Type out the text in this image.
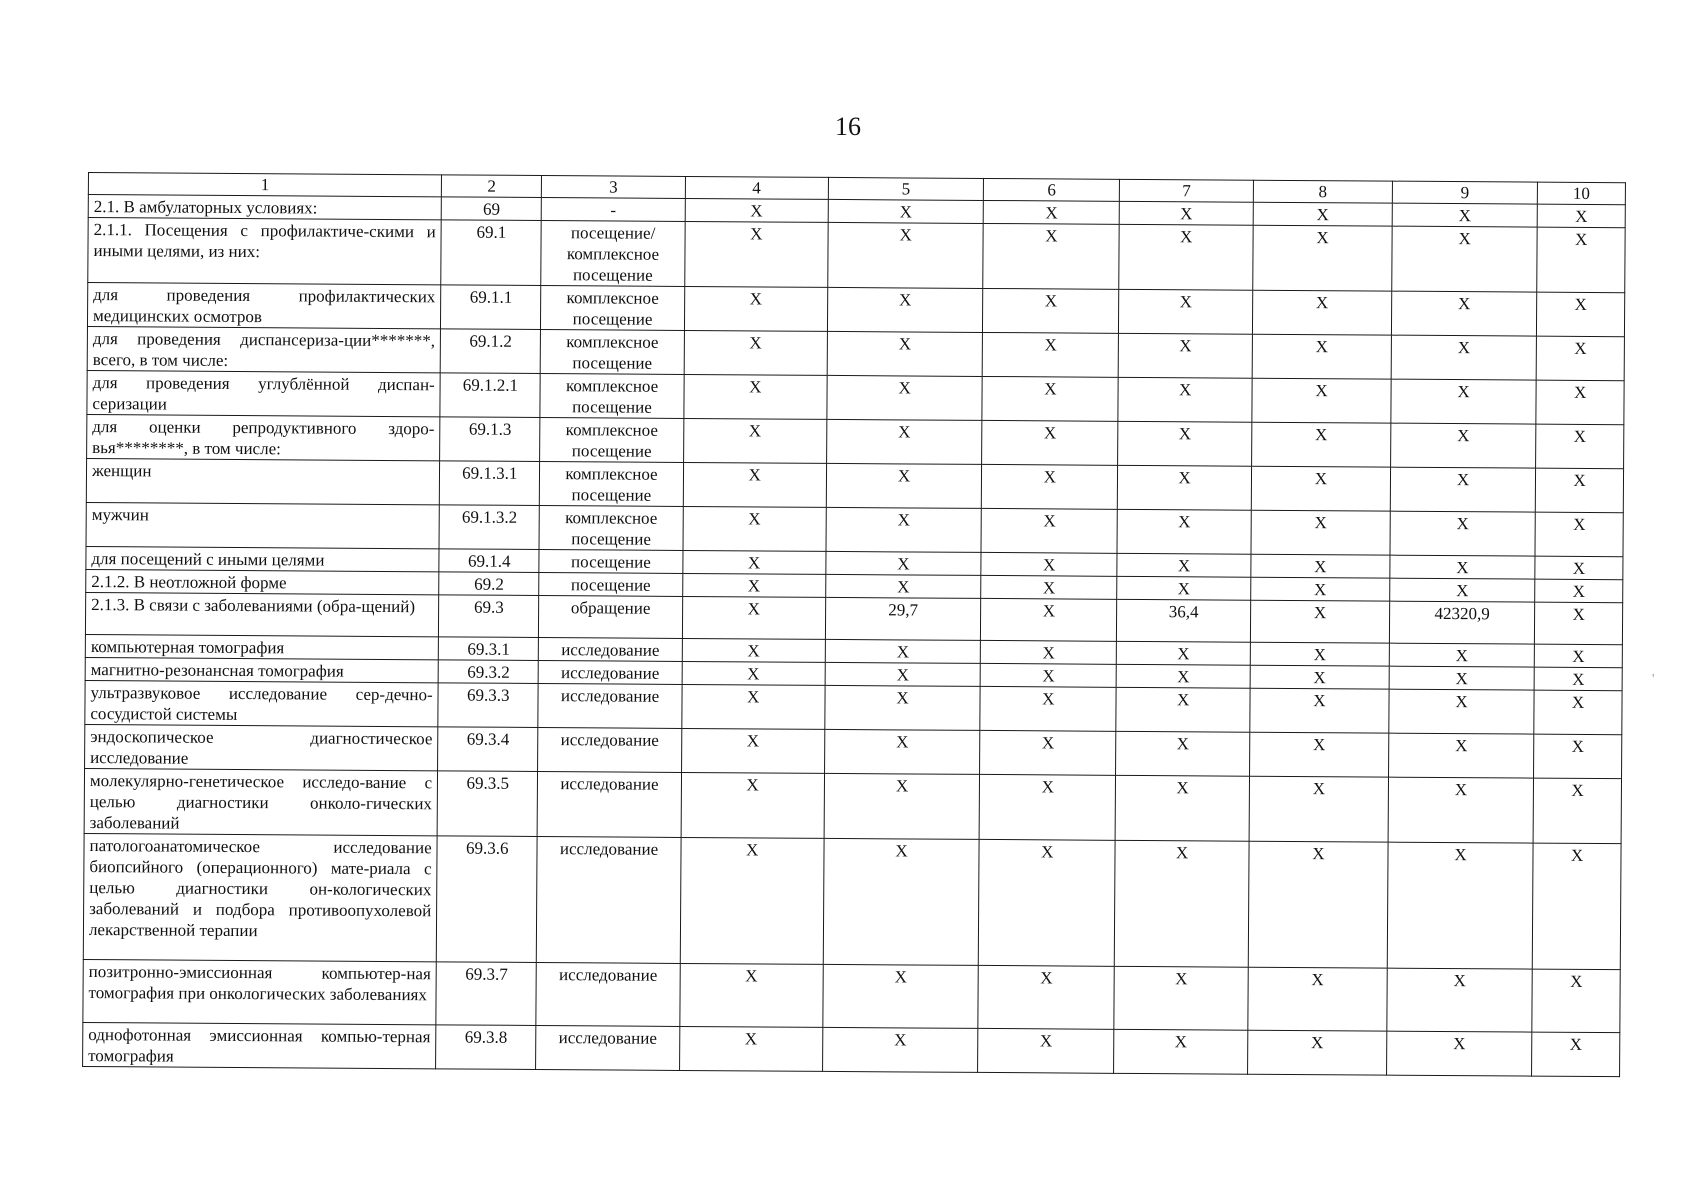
16
1	2	3	4	5	6	7	8	9	10
2.1. В амбулаторных условиях:	69	-	Х	Х	Х	Х	Х	Х	Х
2.1.1. Посещения с профилактиче-скими и иными целями, из них:	69.1	посещение/ комплексное посещение	Х	Х	Х	Х	Х	Х	Х
для проведения профилактических медицинских осмотров	69.1.1	комплексное посещение	Х	Х	Х	Х	Х	Х	Х
для проведения диспансериза-ции*******, всего, в том числе:	69.1.2	комплексное посещение	Х	Х	Х	Х	Х	Х	Х
для проведения углублённой диспан-серизации	69.1.2.1	комплексное посещение	Х	Х	Х	Х	Х	Х	Х
для оценки репродуктивного здоро-вья********, в том числе:	69.1.3	комплексное посещение	Х	Х	Х	Х	Х	Х	Х
женщин	69.1.3.1	комплексное посещение	Х	Х	Х	Х	Х	Х	Х
мужчин	69.1.3.2	комплексное посещение	Х	Х	Х	Х	Х	Х	Х
для посещений с иными целями	69.1.4	посещение	Х	Х	Х	Х	Х	Х	Х
2.1.2. В неотложной форме	69.2	посещение	Х	Х	Х	Х	Х	Х	Х
2.1.3. В связи с заболеваниями (обра-щений)	69.3	обращение	Х	29,7	Х	36,4	Х	42320,9	Х
компьютерная томография	69.3.1	исследование	Х	Х	Х	Х	Х	Х	Х
магнитно-резонансная томография	69.3.2	исследование	Х	Х	Х	Х	Х	Х	Х
ультразвуковое исследование сер-дечно-сосудистой системы	69.3.3	исследование	Х	Х	Х	Х	Х	Х	Х
эндоскопическое диагностическое исследование	69.3.4	исследование	Х	Х	Х	Х	Х	Х	Х
молекулярно-генетическое исследо-вание с целью диагностики онколо-гических заболеваний	69.3.5	исследование	Х	Х	Х	Х	Х	Х	Х
патологоанатомическое исследование биопсийного (операционного) мате-риала с целью диагностики он-кологических заболеваний и подбора противоопухолевой лекарственной терапии	69.3.6	исследование	Х	Х	Х	Х	Х	Х	Х
позитронно-эмиссионная компьютер-ная томография при онкологических заболеваниях	69.3.7	исследование	Х	Х	Х	Х	Х	Х	Х
однофотонная эмиссионная компью-терная томография	69.3.8	исследование	Х	Х	Х	Х	Х	Х	Х
'
